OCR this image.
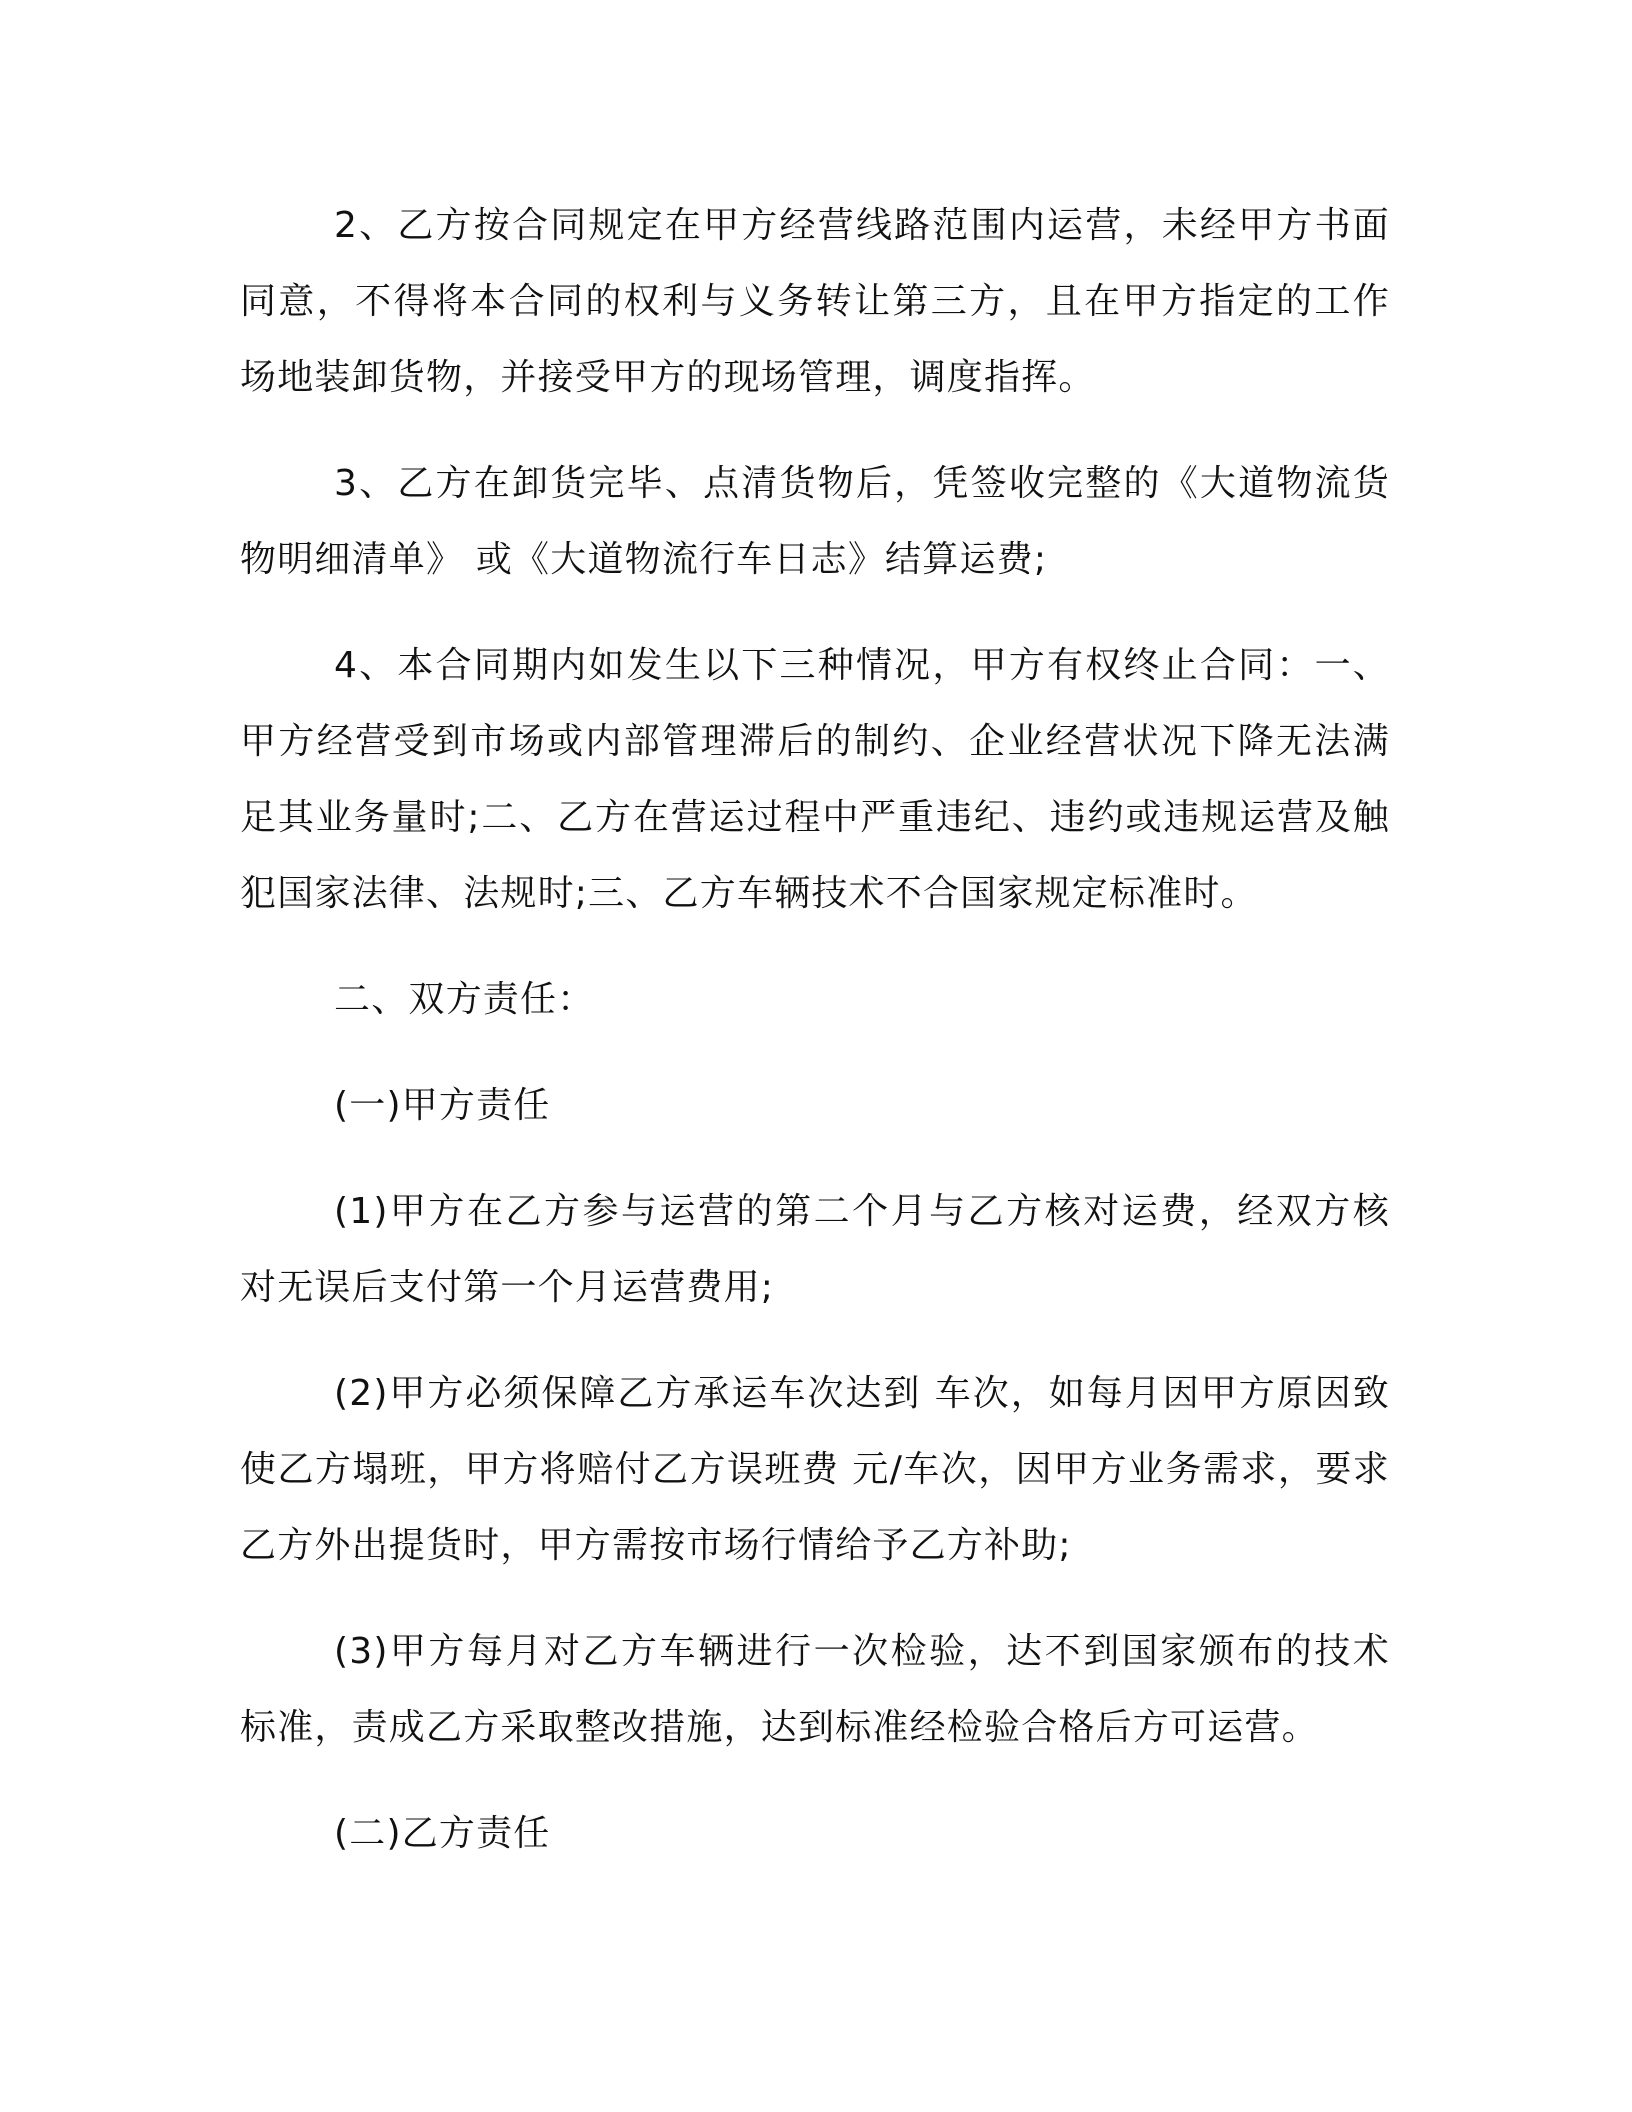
2、乙方按合同规定在甲方经营线路范围内运营，未经甲方书面同意，不得将本合同的权利与义务转让第三方，且在甲方指定的工作场地装卸货物，并接受甲方的现场管理，调度指挥。

3、乙方在卸货完毕、点清货物后，凭签收完整的《大道物流货物明细清单》 或《大道物流行车日志》结算运费;

4、本合同期内如发生以下三种情况，甲方有权终止合同：一、甲方经营受到市场或内部管理滞后的制约、企业经营状况下降无法满足其业务量时;二、乙方在营运过程中严重违纪、违约或违规运营及触犯国家法律、法规时;三、乙方车辆技术不合国家规定标准时。

二、双方责任：

(一)甲方责任

(1)甲方在乙方参与运营的第二个月与乙方核对运费，经双方核对无误后支付第一个月运营费用;

(2)甲方必须保障乙方承运车次达到 车次，如每月因甲方原因致使乙方塌班，甲方将赔付乙方误班费 元/车次，因甲方业务需求，要求乙方外出提货时，甲方需按市场行情给予乙方补助;

(3)甲方每月对乙方车辆进行一次检验，达不到国家颁布的技术标准，责成乙方采取整改措施，达到标准经检验合格后方可运营。

(二)乙方责任
